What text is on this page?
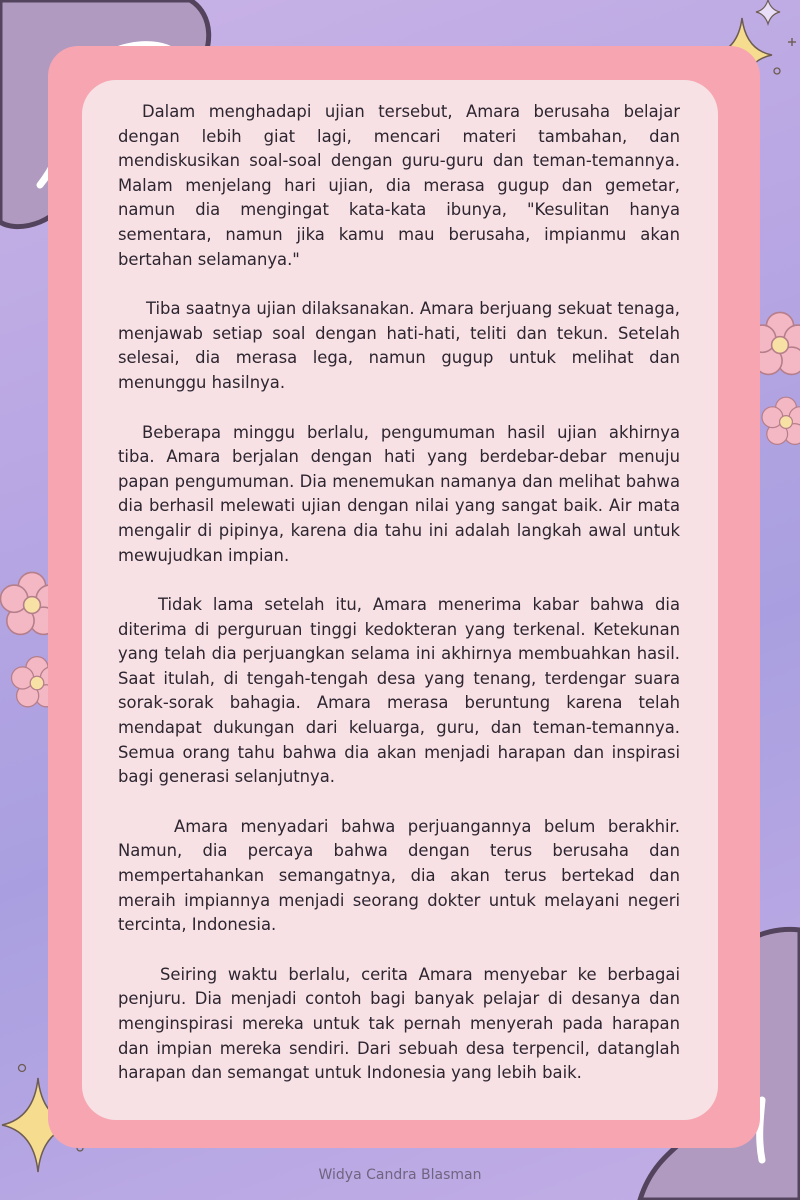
Dalam menghadapi ujian tersebut, Amara berusaha belajar dengan lebih giat lagi, mencari materi tambahan, dan mendiskusikan soal-soal dengan guru-guru dan teman-temannya. Malam menjelang hari ujian, dia merasa gugup dan gemetar, namun dia mengingat kata-kata ibunya, "Kesulitan hanya sementara, namun jika kamu mau berusaha, impianmu akan bertahan selamanya."

Tiba saatnya ujian dilaksanakan. Amara berjuang sekuat tenaga, menjawab setiap soal dengan hati-hati, teliti dan tekun. Setelah selesai, dia merasa lega, namun gugup untuk melihat dan menunggu hasilnya.

Beberapa minggu berlalu, pengumuman hasil ujian akhirnya tiba. Amara berjalan dengan hati yang berdebar-debar menuju papan pengumuman. Dia menemukan namanya dan melihat bahwa dia berhasil melewati ujian dengan nilai yang sangat baik. Air mata mengalir di pipinya, karena dia tahu ini adalah langkah awal untuk mewujudkan impian.

Tidak lama setelah itu, Amara menerima kabar bahwa dia diterima di perguruan tinggi kedokteran yang terkenal. Ketekunan yang telah dia perjuangkan selama ini akhirnya membuahkan hasil. Saat itulah, di tengah-tengah desa yang tenang, terdengar suara sorak-sorak bahagia. Amara merasa beruntung karena telah mendapat dukungan dari keluarga, guru, dan teman-temannya. Semua orang tahu bahwa dia akan menjadi harapan dan inspirasi bagi generasi selanjutnya.

Amara menyadari bahwa perjuangannya belum berakhir. Namun, dia percaya bahwa dengan terus berusaha dan mempertahankan semangatnya, dia akan terus bertekad dan meraih impiannya menjadi seorang dokter untuk melayani negeri tercinta, Indonesia.

Seiring waktu berlalu, cerita Amara menyebar ke berbagai penjuru. Dia menjadi contoh bagi banyak pelajar di desanya dan menginspirasi mereka untuk tak pernah menyerah pada harapan dan impian mereka sendiri. Dari sebuah desa terpencil, datanglah harapan dan semangat untuk Indonesia yang lebih baik.

Widya Candra Blasman
